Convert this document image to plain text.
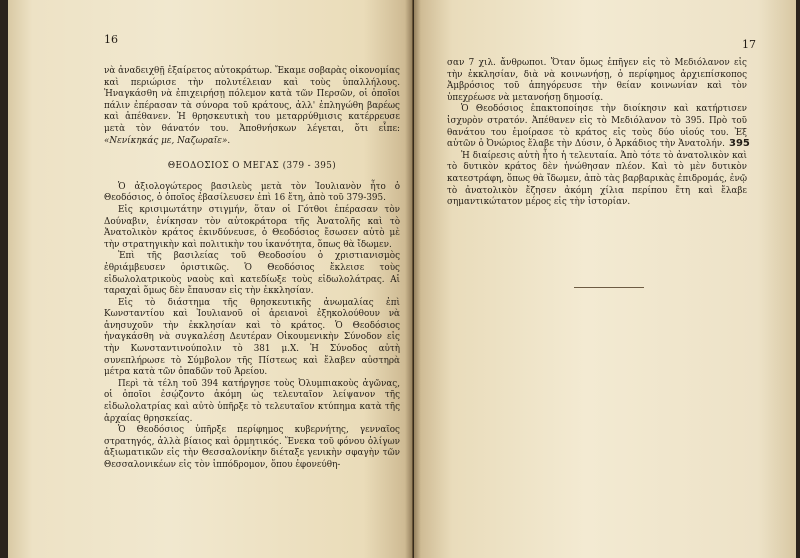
16

νὰ ἀναδειχθῇ ἐξαίρετος αὐτοκράτωρ. Ἔκαμε σοβαρὰς οἰκονομίας καὶ περιώρισε τὴν πολυτέλειαν καὶ τοὺς ὑπαλλήλους. Ἠναγκάσθη νὰ ἐπιχειρήσῃ πόλεμον κατὰ τῶν Περσῶν, οἱ ὁποῖοι πάλιν ἐπέρασαν τὰ σύνορα τοῦ κράτους, ἀλλ' ἐπληγώθη βαρέως καὶ ἀπέθανεν. Ἡ θρησκευτικὴ του μεταρρύθμισις κατέρρευσε μετὰ τὸν θάνατόν του. Ἀποθνήσκων λέγεται, ὅτι εἶπε: «Νενίκηκάς με, Ναζωραῖε».

ΘΕΟΔΟΣΙΟΣ Ο ΜΕΓΑΣ (379 - 395)

Ὁ ἀξιολογώτερος βασιλεὺς μετὰ τὸν Ἰουλιανὸν ἦτο ὁ Θεοδόσιος, ὁ ὁποῖος ἐβασίλευσεν ἐπὶ 16 ἔτη, ἀπὸ τοῦ 379-395.

Εἰς κρισιμωτάτην στιγμήν, ὅταν οἱ Γότθοι ἐπέρασαν τὸν Δούναβιν, ἐνίκησαν τὸν αὐτοκράτορα τῆς Ἀνατολῆς καὶ τὸ Ἀνατολικὸν κράτος ἐκινδύνευσε, ὁ Θεοδόσιος ἔσωσεν αὐτὸ μὲ τὴν στρατηγικὴν καὶ πολιτικὴν του ἱκανότητα, ὅπως θὰ ἴδωμεν.

Ἐπὶ τῆς βασιλείας τοῦ Θεοδοσίου ὁ χριστιανισμὸς ἐθριάμβευσεν ὁριστικῶς. Ὁ Θεοδόσιος ἔκλεισε τοὺς εἰδωλολατρικοὺς ναοὺς καὶ κατεδίωξε τοὺς εἰδωλολάτρας. Αἱ ταραχαὶ ὅμως δὲν ἔπαυσαν εἰς τὴν ἐκκλησίαν.

Εἰς τὸ διάστημα τῆς θρησκευτικῆς ἀνωμαλίας ἐπὶ Κωνσταντίου καὶ Ἰουλιανοῦ οἱ ἀρειανοὶ ἐξηκολούθουν νὰ ἀνησυχοῦν τὴν ἐκκλησίαν καὶ τὸ κράτος. Ὁ Θεοδόσιος ἠναγκάσθη νὰ συγκαλέσῃ Δευτέραν Οἰκουμενικὴν Σύνοδον εἰς τὴν Κωνσταντινούπολιν τὸ 381 μ.Χ. Ἡ Σύνοδος αὐτὴ συνεπλήρωσε τὸ Σύμβολον τῆς Πίστεως καὶ ἔλαβεν αὐστηρὰ μέτρα κατὰ τῶν ὀπαδῶν τοῦ Ἀρείου.

Περὶ τὰ τέλη τοῦ 394 κατήργησε τοὺς Ὀλυμπιακοὺς ἀγῶνας, οἱ ὁποῖοι ἐσῴζοντο ἀκόμη ὡς τελευταῖον λείψανον τῆς εἰδωλολατρίας καὶ αὐτὸ ὑπῆρξε τὸ τελευταῖον κτύπημα κατὰ τῆς ἀρχαίας θρησκείας.

Ὁ Θεοδόσιος ὑπῆρξε περίφημος κυβερνήτης, γενναῖος στρατηγός, ἀλλὰ βίαιος καὶ ὁρμητικός. Ἕνεκα τοῦ φόνου ὀλίγων ἀξιωματικῶν εἰς τὴν Θεσσαλονίκην διέταξε γενικὴν σφαγὴν τῶν Θεσσαλονικέων εἰς τὸν ἱππόδρομον, ὅπου ἐφονεύθη-

17

σαν 7 χιλ. ἄνθρωποι. Ὅταν ὅμως ἐπῆγεν εἰς τὸ Μεδιόλανον εἰς τὴν ἐκκλησίαν, διὰ νὰ κοινωνήσῃ, ὁ περίφημος ἀρχιεπίσκοπος Ἀμβρόσιος τοῦ ἀπηγόρευσε τὴν θείαν κοινωνίαν καὶ τὸν ὑπεχρέωσε νὰ μετανοήσῃ δημοσίᾳ.

Ὁ Θεοδόσιος ἐπακτοποίησε τὴν διοίκησιν καὶ κατήρτισεν ἰσχυρὸν στρατόν. Ἀπέθανεν εἰς τὸ Μεδιόλανον τὸ 395. Πρὸ τοῦ θανάτου του ἐμοίρασε τὸ κράτος εἰς τοὺς δύο υἱούς του. Ἐξ αὐτῶν ὁ Ὀνώριος ἔλαβε τὴν Δύσιν, ὁ Ἀρκάδιος τὴν Ἀνατολήν.

Ἡ διαίρεσις αὐτὴ ἦτο ἡ τελευταία. Ἀπὸ τότε τὸ ἀνατολικὸν καὶ τὸ δυτικὸν κράτος δὲν ἡνώθησαν πλέον. Καὶ τὸ μὲν δυτικὸν κατεστράφη, ὅπως θὰ ἴδωμεν, ἀπὸ τὰς βαρβαρικὰς ἐπιδρομάς, ἐνῷ τὸ ἀνατολικὸν ἔζησεν ἀκόμη χίλια περίπου ἔτη καὶ ἔλαβε σημαντικώτατον μέρος εἰς τὴν ἱστορίαν.

395
